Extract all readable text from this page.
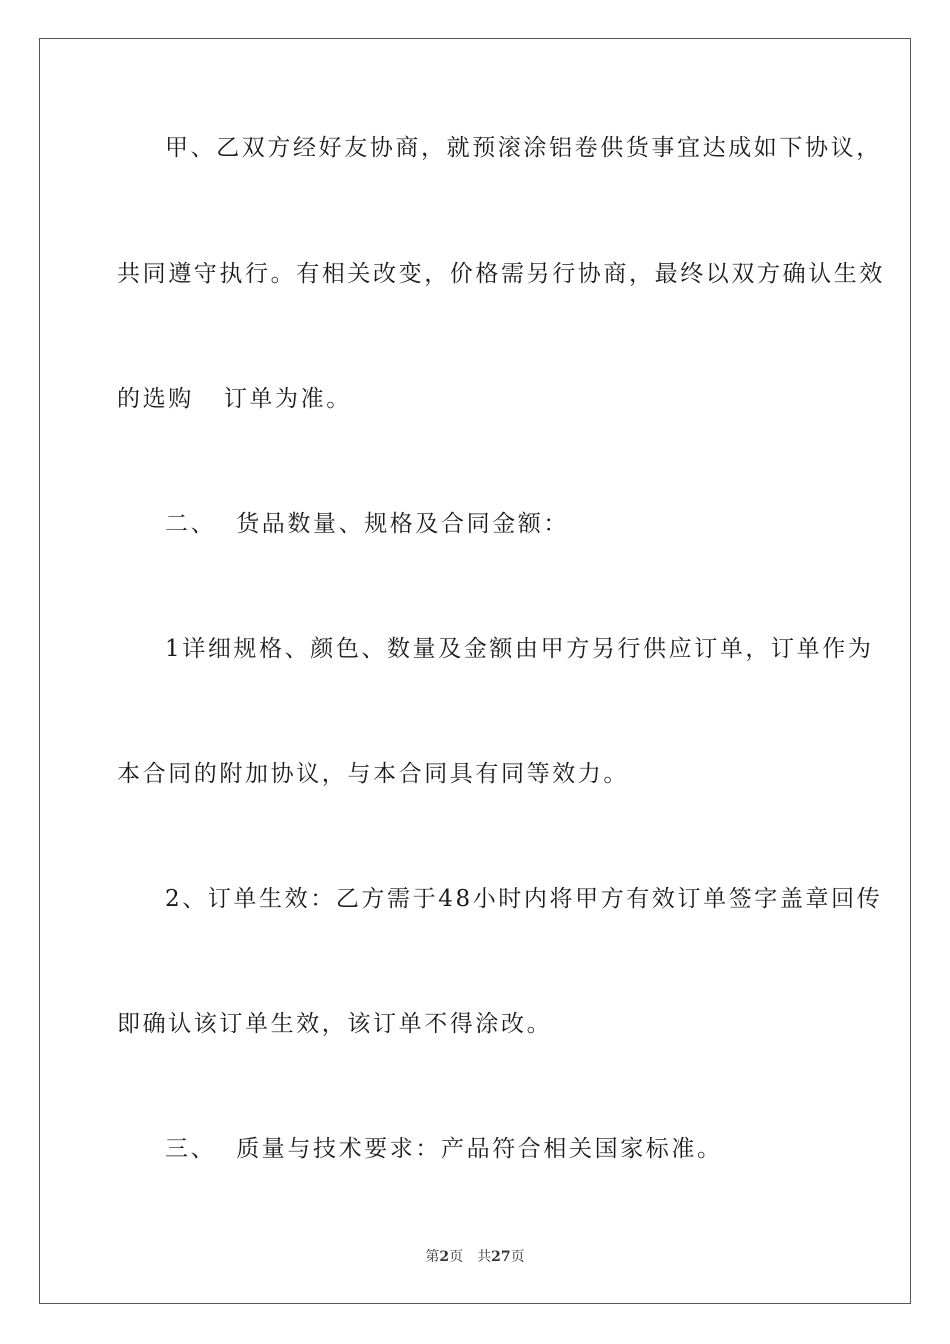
甲、乙双方经好友协商，就预滚涂铝卷供货事宜达成如下协议，
共同遵守执行。有相关改变，价格需另行协商，最终以双方确认生效
的选购 订单为准。
二、 货品数量、规格及合同金额：
1详细规格、颜色、数量及金额由甲方另行供应订单，订单作为
本合同的附加协议，与本合同具有同等效力。
2、订单生效：乙方需于48小时内将甲方有效订单签字盖章回传
即确认该订单生效，该订单不得涂改。
三、 质量与技术要求：产品符合相关国家标准。
第2页 共27页
